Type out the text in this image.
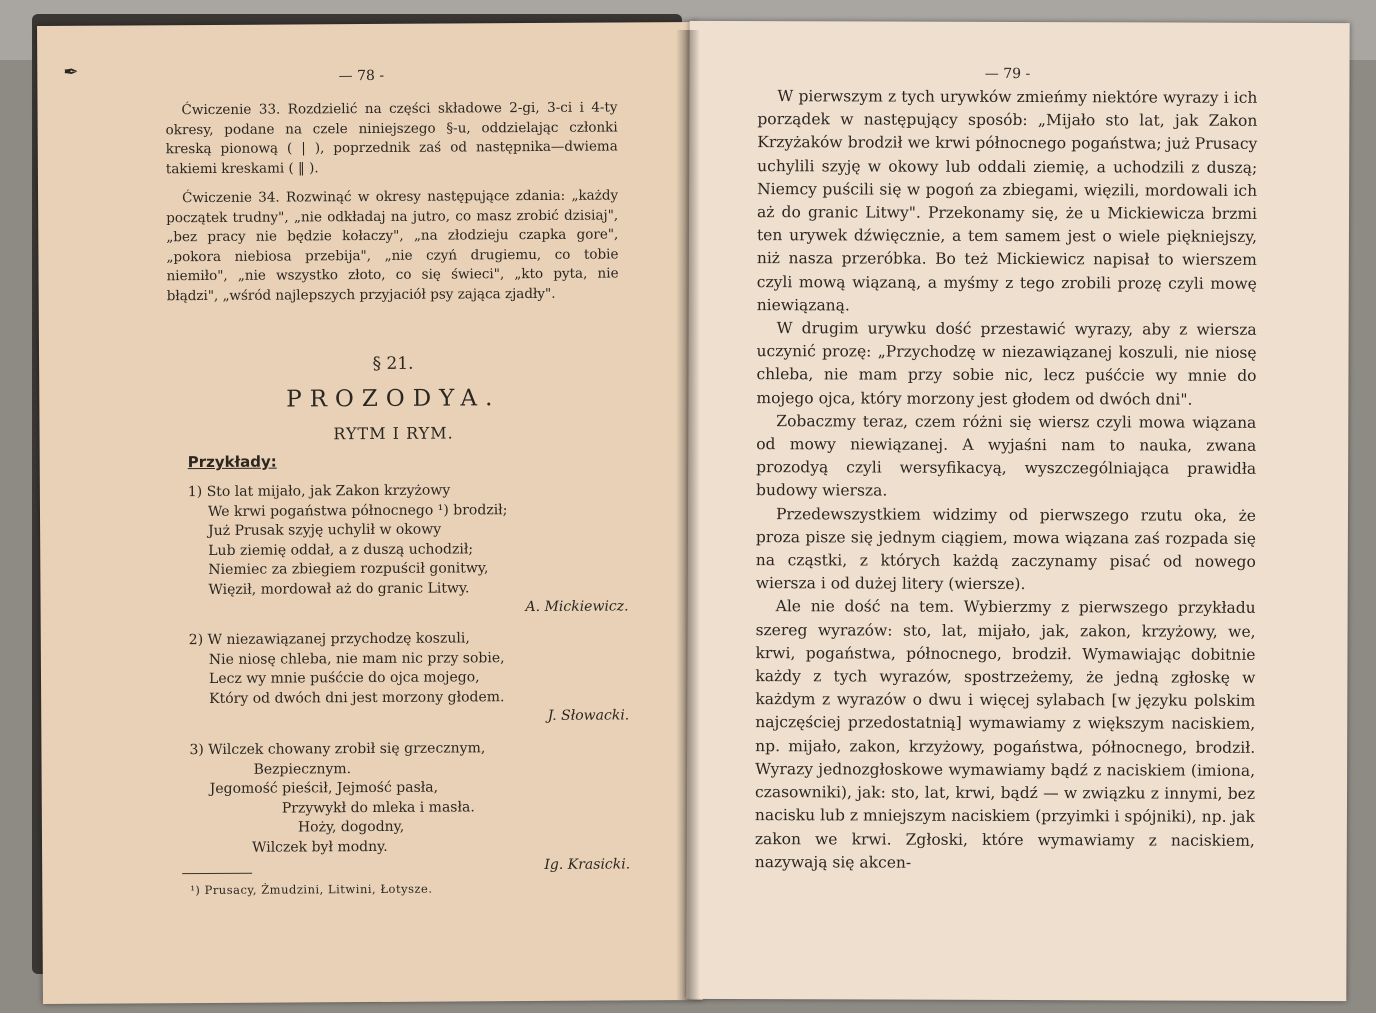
✒	— 78 -

Ćwiczenie 33. Rozdzielić na części składowe 2-gi, 3-ci i 4-ty okresy, podane na czele niniejszego §-u, oddzielając członki kreską pionową ( | ), poprzednik zaś od następnika—dwiema takiemi kreskami ( ‖ ).

Ćwiczenie 34. Rozwinąć w okresy następujące zdania: „każdy początek trudny", „nie odkładaj na jutro, co masz zrobić dzisiaj", „bez pracy nie będzie kołaczy", „na złodzieju czapka gore", „pokora niebiosa przebija", „nie czyń drugiemu, co tobie niemiło", „nie wszystko złoto, co się świeci", „kto pyta, nie błądzi", „wśród najlepszych przyjaciół psy zająca zjadły".

§ 21.
PROZODYA.
RYTM I RYM.
Przykłady:
1) Sto lat mijało, jak Zakon krzyżowy
We krwi pogaństwa północnego ¹) brodził;
Już Prusak szyję uchylił w okowy
Lub ziemię oddał, a z duszą uchodził;
Niemiec za zbiegiem rozpuścił gonitwy,
Więził, mordował aż do granic Litwy.
A. Mickiewicz.
2) W niezawiązanej przychodzę koszuli,
Nie niosę chleba, nie mam nic przy sobie,
Lecz wy mnie puśćcie do ojca mojego,
Który od dwóch dni jest morzony głodem.
J. Słowacki.
3) Wilczek chowany zrobił się grzecznym,
Bezpiecznym.
Jegomość pieścił, Jejmość pasła,
Przywykł do mleka i masła.
Hoży, dogodny,
Wilczek był modny.
Ig. Krasicki.
¹) Prusacy, Żmudzini, Litwini, Łotysze.
— 79 -

W pierwszym z tych urywków zmieńmy niektóre wyrazy i ich porządek w następujący sposób: „Mijało sto lat, jak Zakon Krzyżaków brodził we krwi północnego pogaństwa; już Prusacy uchylili szyję w okowy lub oddali ziemię, a uchodzili z duszą; Niemcy puścili się w pogoń za zbiegami, więzili, mordowali ich aż do granic Litwy". Przekonamy się, że u Mickiewicza brzmi ten urywek dźwięcznie, a tem samem jest o wiele piękniejszy, niż nasza przeróbka. Bo też Mickiewicz napisał to wierszem czyli mową wiązaną, a myśmy z tego zrobili prozę czyli mowę niewiązaną.

W drugim urywku dość przestawić wyrazy, aby z wiersza uczynić prozę: „Przychodzę w niezawiązanej koszuli, nie niosę chleba, nie mam przy sobie nic, lecz puśćcie wy mnie do mojego ojca, który morzony jest głodem od dwóch dni".

Zobaczmy teraz, czem różni się wiersz czyli mowa wiązana od mowy niewiązanej. A wyjaśni nam to nauka, zwana prozodyą czyli wersyfikacyą, wyszczególniająca prawidła budowy wiersza.

Przedewszystkiem widzimy od pierwszego rzutu oka, że proza pisze się jednym ciągiem, mowa wiązana zaś rozpada się na cząstki, z których każdą zaczynamy pisać od nowego wiersza i od dużej litery (wiersze).

Ale nie dość na tem. Wybierzmy z pierwszego przykładu szereg wyrazów: sto, lat, mijało, jak, zakon, krzyżowy, we, krwi, pogaństwa, północnego, brodził. Wymawiając dobitnie każdy z tych wyrazów, spostrzeżemy, że jedną zgłoskę w każdym z wyrazów o dwu i więcej sylabach [w języku polskim najczęściej przedostatnią] wymawiamy z większym naciskiem, np. mijało, zakon, krzyżowy, pogaństwa, północnego, brodził. Wyrazy jednozgłoskowe wymawiamy bądź z naciskiem (imiona, czasowniki), jak: sto, lat, krwi, bądź — w związku z innymi, bez nacisku lub z mniejszym naciskiem (przyimki i spójniki), np. jak zakon we krwi. Zgłoski, które wymawiamy z naciskiem, nazywają się akcen-
